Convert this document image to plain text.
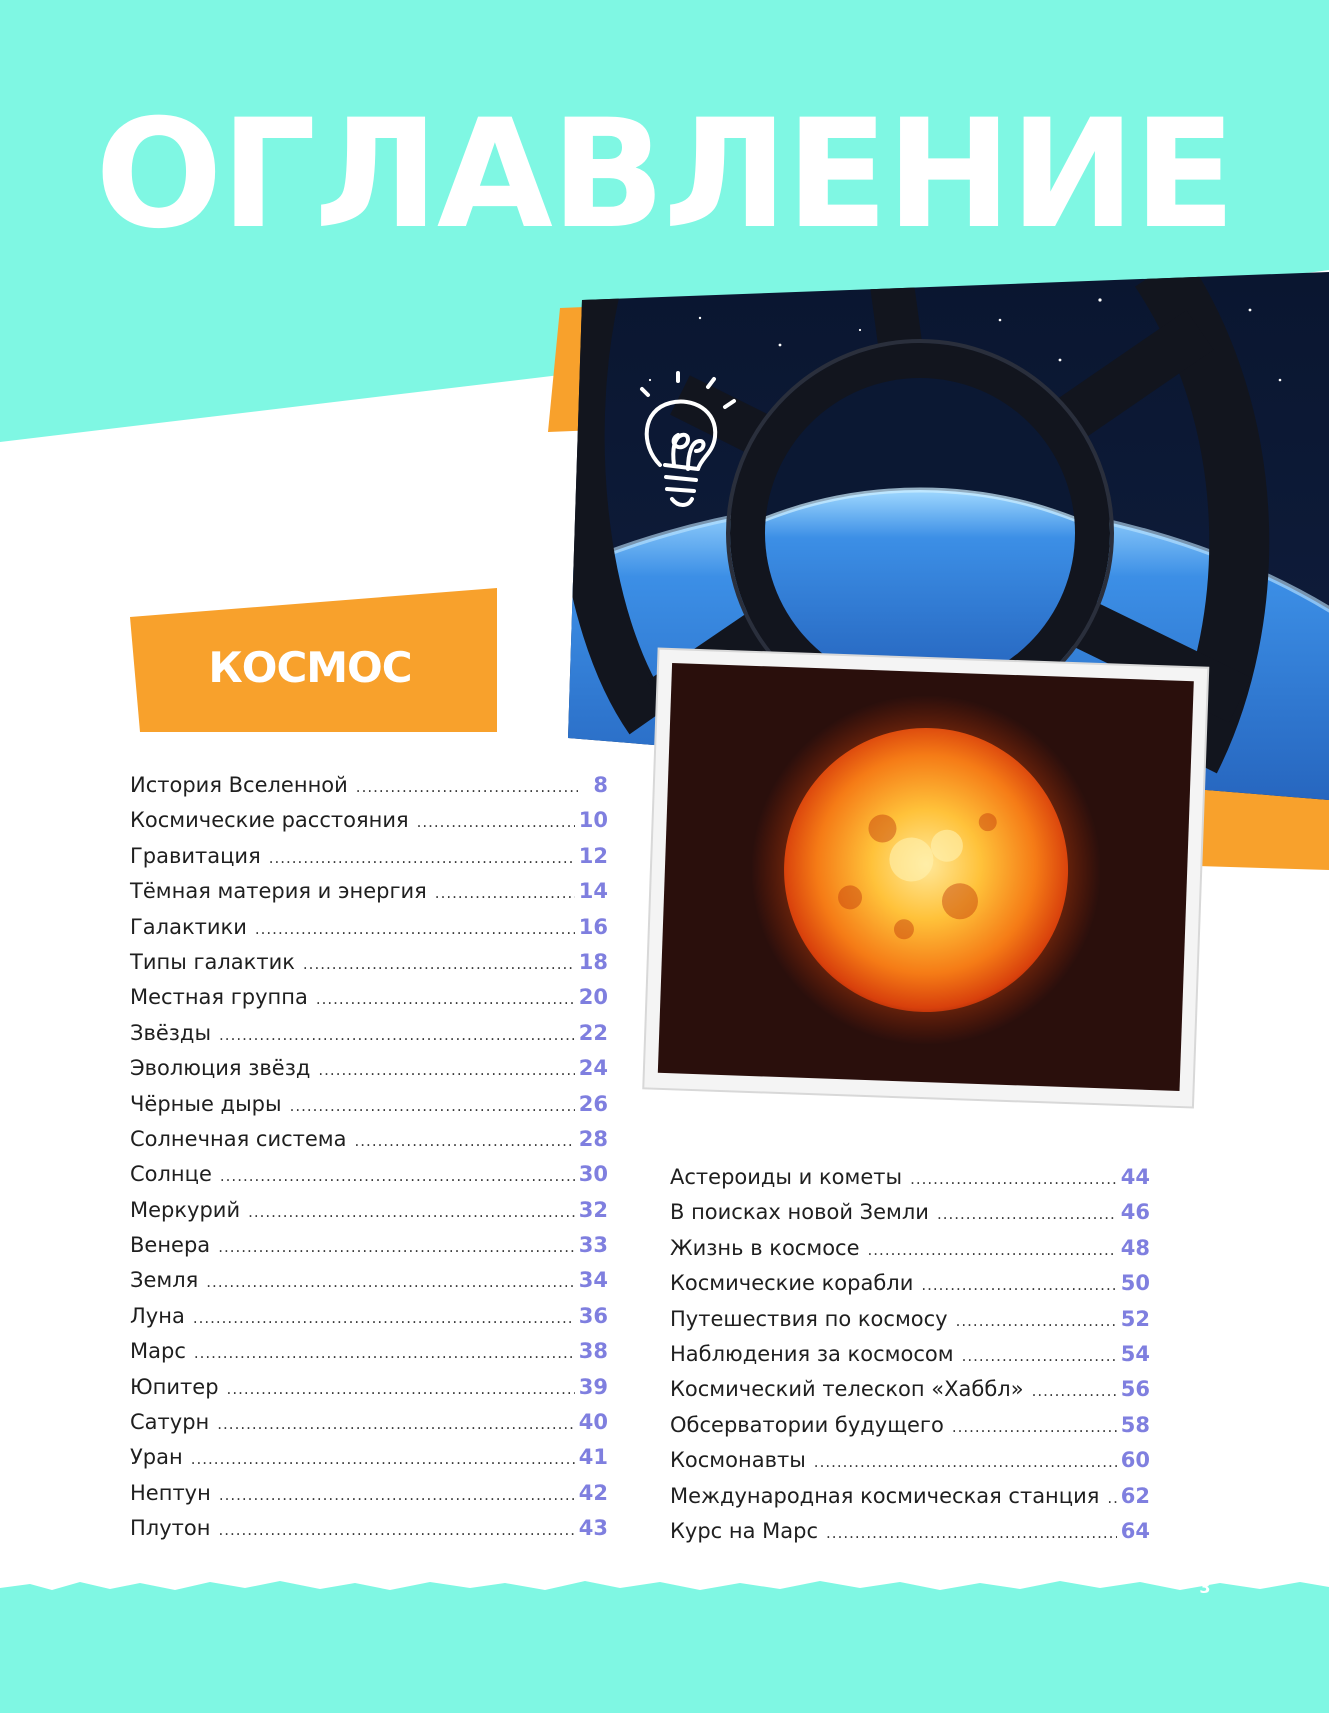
ОГЛАВЛЕНИЕ
КОСМОС
История Вселенной .....	8
Космические расстояния .....	10
Гравитация .....	12
Тёмная материя и энергия .....	14
Галактики .....	16
Типы галактик .....	18
Местная группа .....	20
Звёзды .....	22
Эволюция звёзд .....	24
Чёрные дыры .....	26
Солнечная система .....	28
Солнце .....	30
Меркурий .....	32
Венера .....	33
Земля .....	34
Луна .....	36
Марс .....	38
Юпитер .....	39
Сатурн .....	40
Уран .....	41
Нептун .....	42
Плутон .....	43
Астероиды и кометы .....	44
В поисках новой Земли .....	46
Жизнь в космосе .....	48
Космические корабли .....	50
Путешествия по космосу .....	52
Наблюдения за космосом .....	54
Космический телескоп «Хаббл» .....	56
Обсерватории будущего .....	58
Космонавты .....	60
Международная космическая станция ..... 62
Курс на Марс .....	64
3
